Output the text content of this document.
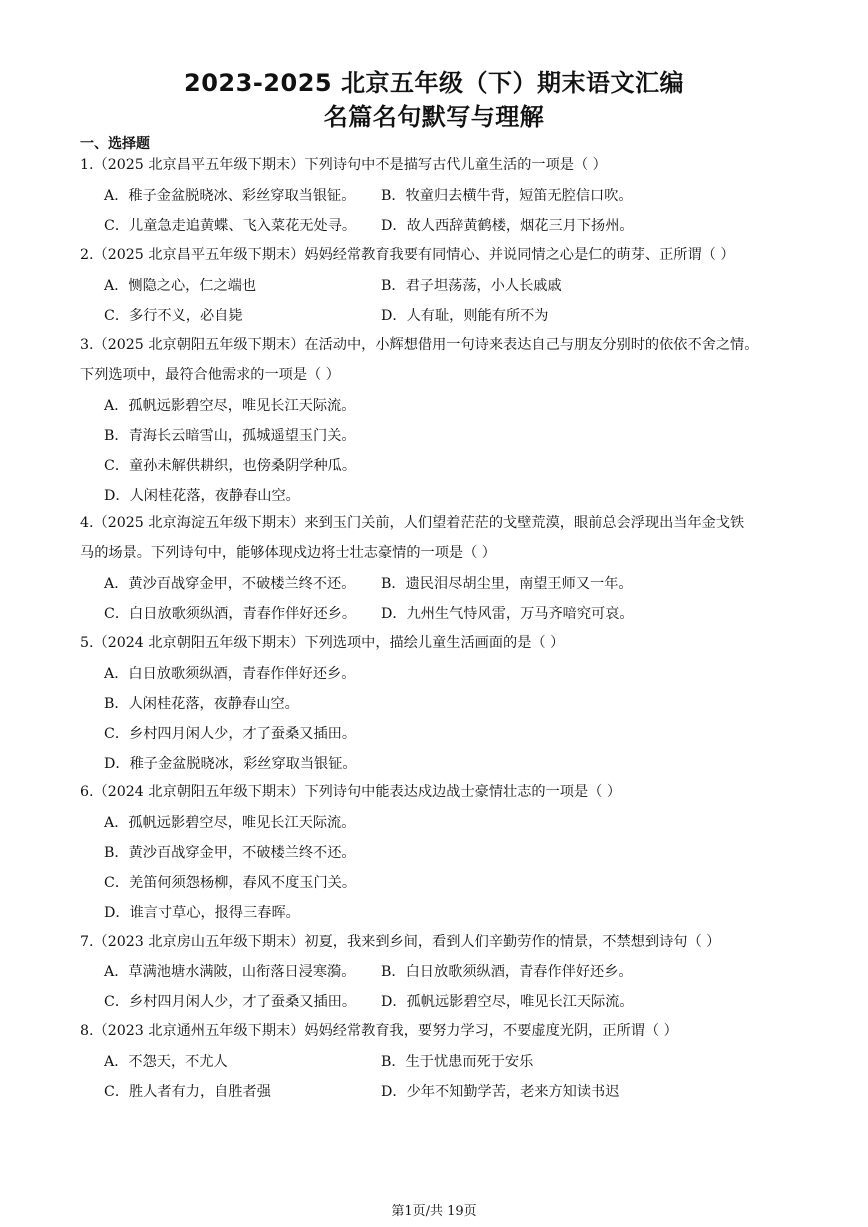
2023-2025 北京五年级（下）期末语文汇编
名篇名句默写与理解
一、选择题
1.（2025 北京昌平五年级下期末）下列诗句中不是描写古代儿童生活的一项是（ ）
A．稚子金盆脱晓冰、彩丝穿取当银钲。 B．牧童归去横牛背，短笛无腔信口吹。
C．儿童急走追黄蝶、飞入菜花无处寻。 D．故人西辞黄鹤楼，烟花三月下扬州。
2.（2025 北京昌平五年级下期末）妈妈经常教育我要有同情心、并说同情之心是仁的萌芽、正所谓（ ）
A．恻隐之心，仁之端也	B．君子坦荡荡，小人长戚戚
C．多行不义，必自毙	D．人有耻，则能有所不为
3.（2025 北京朝阳五年级下期末）在活动中，小辉想借用一句诗来表达自己与朋友分别时的依依不舍之情。
下列选项中，最符合他需求的一项是（ ）
A．孤帆远影碧空尽，唯见长江天际流。
B．青海长云暗雪山，孤城遥望玉门关。
C．童孙未解供耕织，也傍桑阴学种瓜。
D．人闲桂花落，夜静春山空。
4.（2025 北京海淀五年级下期末）来到玉门关前，人们望着茫茫的戈壁荒漠，眼前总会浮现出当年金戈铁
马的场景。下列诗句中，能够体现戍边将士壮志豪情的一项是（ ）
A．黄沙百战穿金甲，不破楼兰终不还。 B．遗民泪尽胡尘里，南望王师又一年。
C．白日放歌须纵酒，青春作伴好还乡。 D．九州生气恃风雷，万马齐喑究可哀。
5.（2024 北京朝阳五年级下期末）下列选项中，描绘儿童生活画面的是（ ）
A．白日放歌须纵酒，青春作伴好还乡。
B．人闲桂花落，夜静春山空。
C．乡村四月闲人少，才了蚕桑又插田。
D．稚子金盆脱晓冰，彩丝穿取当银钲。
6.（2024 北京朝阳五年级下期末）下列诗句中能表达戍边战士豪情壮志的一项是（ ）
A．孤帆远影碧空尽，唯见长江天际流。
B．黄沙百战穿金甲，不破楼兰终不还。
C．羌笛何须怨杨柳，春风不度玉门关。
D．谁言寸草心，报得三春晖。
7.（2023 北京房山五年级下期末）初夏，我来到乡间，看到人们辛勤劳作的情景，不禁想到诗句（ ）
A．草满池塘水满陂，山衔落日浸寒漪。 B．白日放歌须纵酒，青春作伴好还乡。
C．乡村四月闲人少，才了蚕桑又插田。 D．孤帆远影碧空尽，唯见长江天际流。
8.（2023 北京通州五年级下期末）妈妈经常教育我，要努力学习，不要虚度光阴，正所谓（ ）
A．不怨天，不尤人	B．生于忧患而死于安乐
C．胜人者有力，自胜者强	D．少年不知勤学苦，老来方知读书迟
第1页/共 19页
